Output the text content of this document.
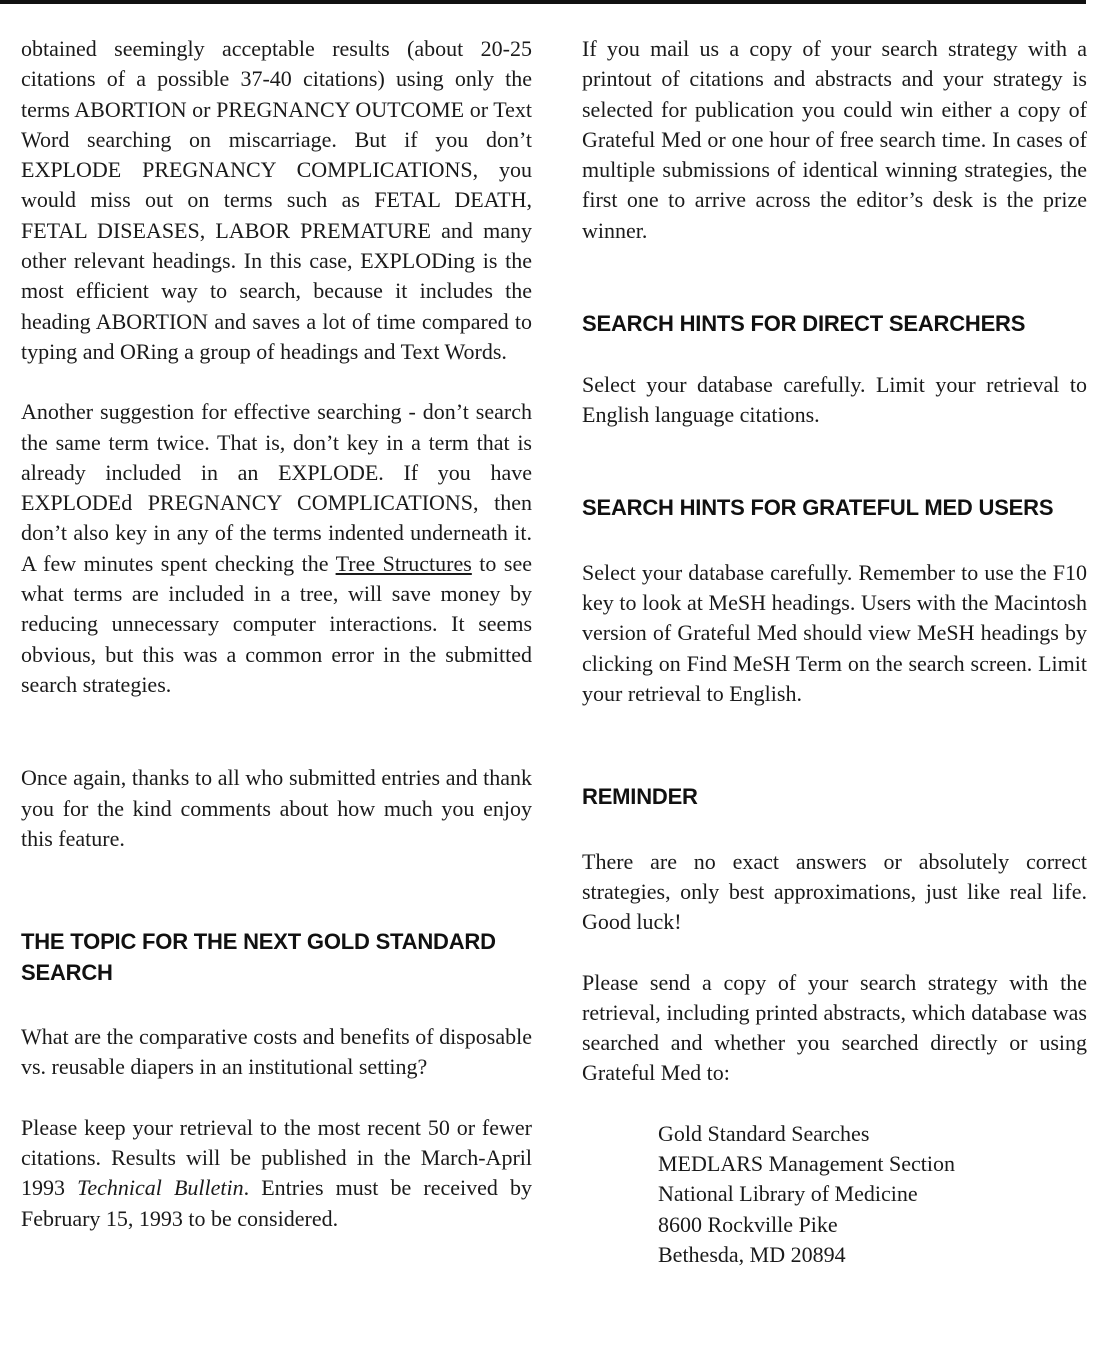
obtained seemingly acceptable results (about 20-25 citations of a possible 37-40 citations) using only the terms ABORTION or PREGNANCY OUTCOME or Text Word searching on miscarriage. But if you don’t EXPLODE PREGNANCY COMPLICATIONS, you would miss out on terms such as FETAL DEATH, FETAL DISEASES, LABOR PREMATURE and many other relevant headings. In this case, EXPLODing is the most efficient way to search, because it includes the heading ABORTION and saves a lot of time compared to typing and ORing a group of headings and Text Words.

Another suggestion for effective searching - don’t search the same term twice. That is, don’t key in a term that is already included in an EXPLODE. If you have EXPLODEd PREGNANCY COMPLICATIONS, then don’t also key in any of the terms indented underneath it. A few minutes spent checking the Tree Structures to see what terms are included in a tree, will save money by reducing unnecessary computer interactions. It seems obvious, but this was a common error in the submitted search strategies.

Once again, thanks to all who submitted entries and thank you for the kind comments about how much you enjoy this feature.

THE TOPIC FOR THE NEXT GOLD STANDARD SEARCH

What are the comparative costs and benefits of disposable vs. reusable diapers in an institutional setting?

Please keep your retrieval to the most recent 50 or fewer citations. Results will be published in the March-April 1993 Technical Bulletin. Entries must be received by February 15, 1993 to be considered.

If you mail us a copy of your search strategy with a printout of citations and abstracts and your strategy is selected for publication you could win either a copy of Grateful Med or one hour of free search time. In cases of multiple submissions of identical winning strategies, the first one to arrive across the editor’s desk is the prize winner.

SEARCH HINTS FOR DIRECT SEARCHERS

Select your database carefully. Limit your retrieval to English language citations.

SEARCH HINTS FOR GRATEFUL MED USERS

Select your database carefully. Remember to use the F10 key to look at MeSH headings. Users with the Macintosh version of Grateful Med should view MeSH headings by clicking on Find MeSH Term on the search screen. Limit your retrieval to English.

REMINDER

There are no exact answers or absolutely correct strategies, only best approximations, just like real life. Good luck!

Please send a copy of your search strategy with the retrieval, including printed abstracts, which database was searched and whether you searched directly or using Grateful Med to:

Gold Standard Searches
MEDLARS Management Section
National Library of Medicine
8600 Rockville Pike
Bethesda, MD 20894
